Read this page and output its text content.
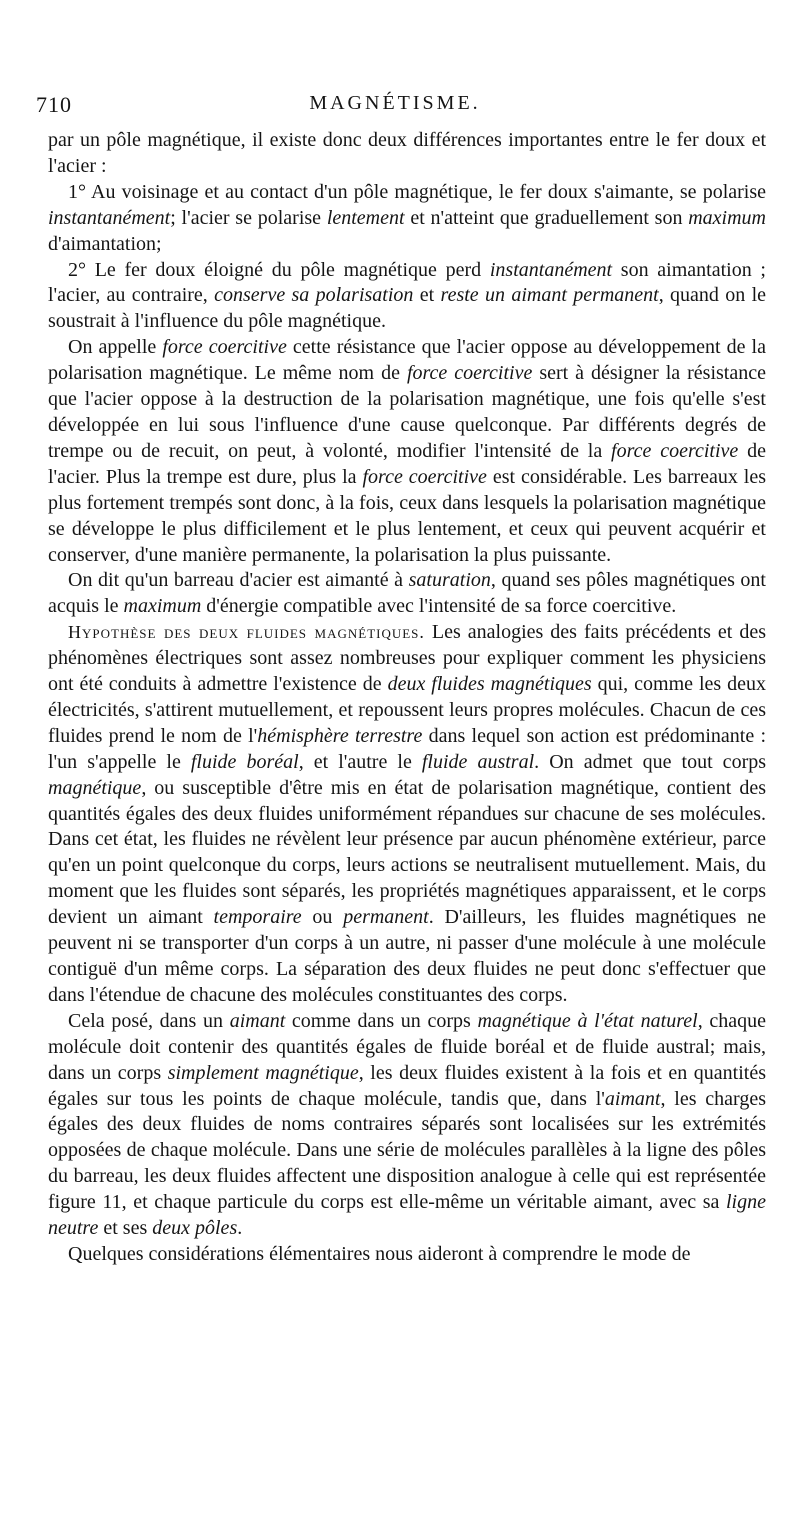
710	MAGNÉTISME.

par un pôle magnétique, il existe donc deux différences importantes entre le fer doux et l'acier :

1° Au voisinage et au contact d'un pôle magnétique, le fer doux s'aimante, se polarise instantanément; l'acier se polarise lentement et n'atteint que graduellement son maximum d'aimantation;

2° Le fer doux éloigné du pôle magnétique perd instantanément son aimantation ; l'acier, au contraire, conserve sa polarisation et reste un aimant permanent, quand on le soustrait à l'influence du pôle magnétique.

On appelle force coercitive cette résistance que l'acier oppose au développement de la polarisation magnétique. Le même nom de force coercitive sert à désigner la résistance que l'acier oppose à la destruction de la polarisation magnétique, une fois qu'elle s'est développée en lui sous l'influence d'une cause quelconque. Par différents degrés de trempe ou de recuit, on peut, à volonté, modifier l'intensité de la force coercitive de l'acier. Plus la trempe est dure, plus la force coercitive est considérable. Les barreaux les plus fortement trempés sont donc, à la fois, ceux dans lesquels la polarisation magnétique se développe le plus difficilement et le plus lentement, et ceux qui peuvent acquérir et conserver, d'une manière permanente, la polarisation la plus puissante.

On dit qu'un barreau d'acier est aimanté à saturation, quand ses pôles magnétiques ont acquis le maximum d'énergie compatible avec l'intensité de sa force coercitive.

Hypothèse des deux fluides magnétiques. Les analogies des faits précédents et des phénomènes électriques sont assez nombreuses pour expliquer comment les physiciens ont été conduits à admettre l'existence de deux fluides magnétiques qui, comme les deux électricités, s'attirent mutuellement, et repoussent leurs propres molécules. Chacun de ces fluides prend le nom de l'hémisphère terrestre dans lequel son action est prédominante : l'un s'appelle le fluide boréal, et l'autre le fluide austral. On admet que tout corps magnétique, ou susceptible d'être mis en état de polarisation magnétique, contient des quantités égales des deux fluides uniformément répandues sur chacune de ses molécules. Dans cet état, les fluides ne révèlent leur présence par aucun phénomène extérieur, parce qu'en un point quelconque du corps, leurs actions se neutralisent mutuellement. Mais, du moment que les fluides sont séparés, les propriétés magnétiques apparaissent, et le corps devient un aimant temporaire ou permanent. D'ailleurs, les fluides magnétiques ne peuvent ni se transporter d'un corps à un autre, ni passer d'une molécule à une molécule contiguë d'un même corps. La séparation des deux fluides ne peut donc s'effectuer que dans l'étendue de chacune des molécules constituantes des corps.

Cela posé, dans un aimant comme dans un corps magnétique à l'état naturel, chaque molécule doit contenir des quantités égales de fluide boréal et de fluide austral; mais, dans un corps simplement magnétique, les deux fluides existent à la fois et en quantités égales sur tous les points de chaque molécule, tandis que, dans l'aimant, les charges égales des deux fluides de noms contraires séparés sont localisées sur les extrémités opposées de chaque molécule. Dans une série de molécules parallèles à la ligne des pôles du barreau, les deux fluides affectent une disposition analogue à celle qui est représentée figure 11, et chaque particule du corps est elle-même un véritable aimant, avec sa ligne neutre et ses deux pôles.

Quelques considérations élémentaires nous aideront à comprendre le mode de
